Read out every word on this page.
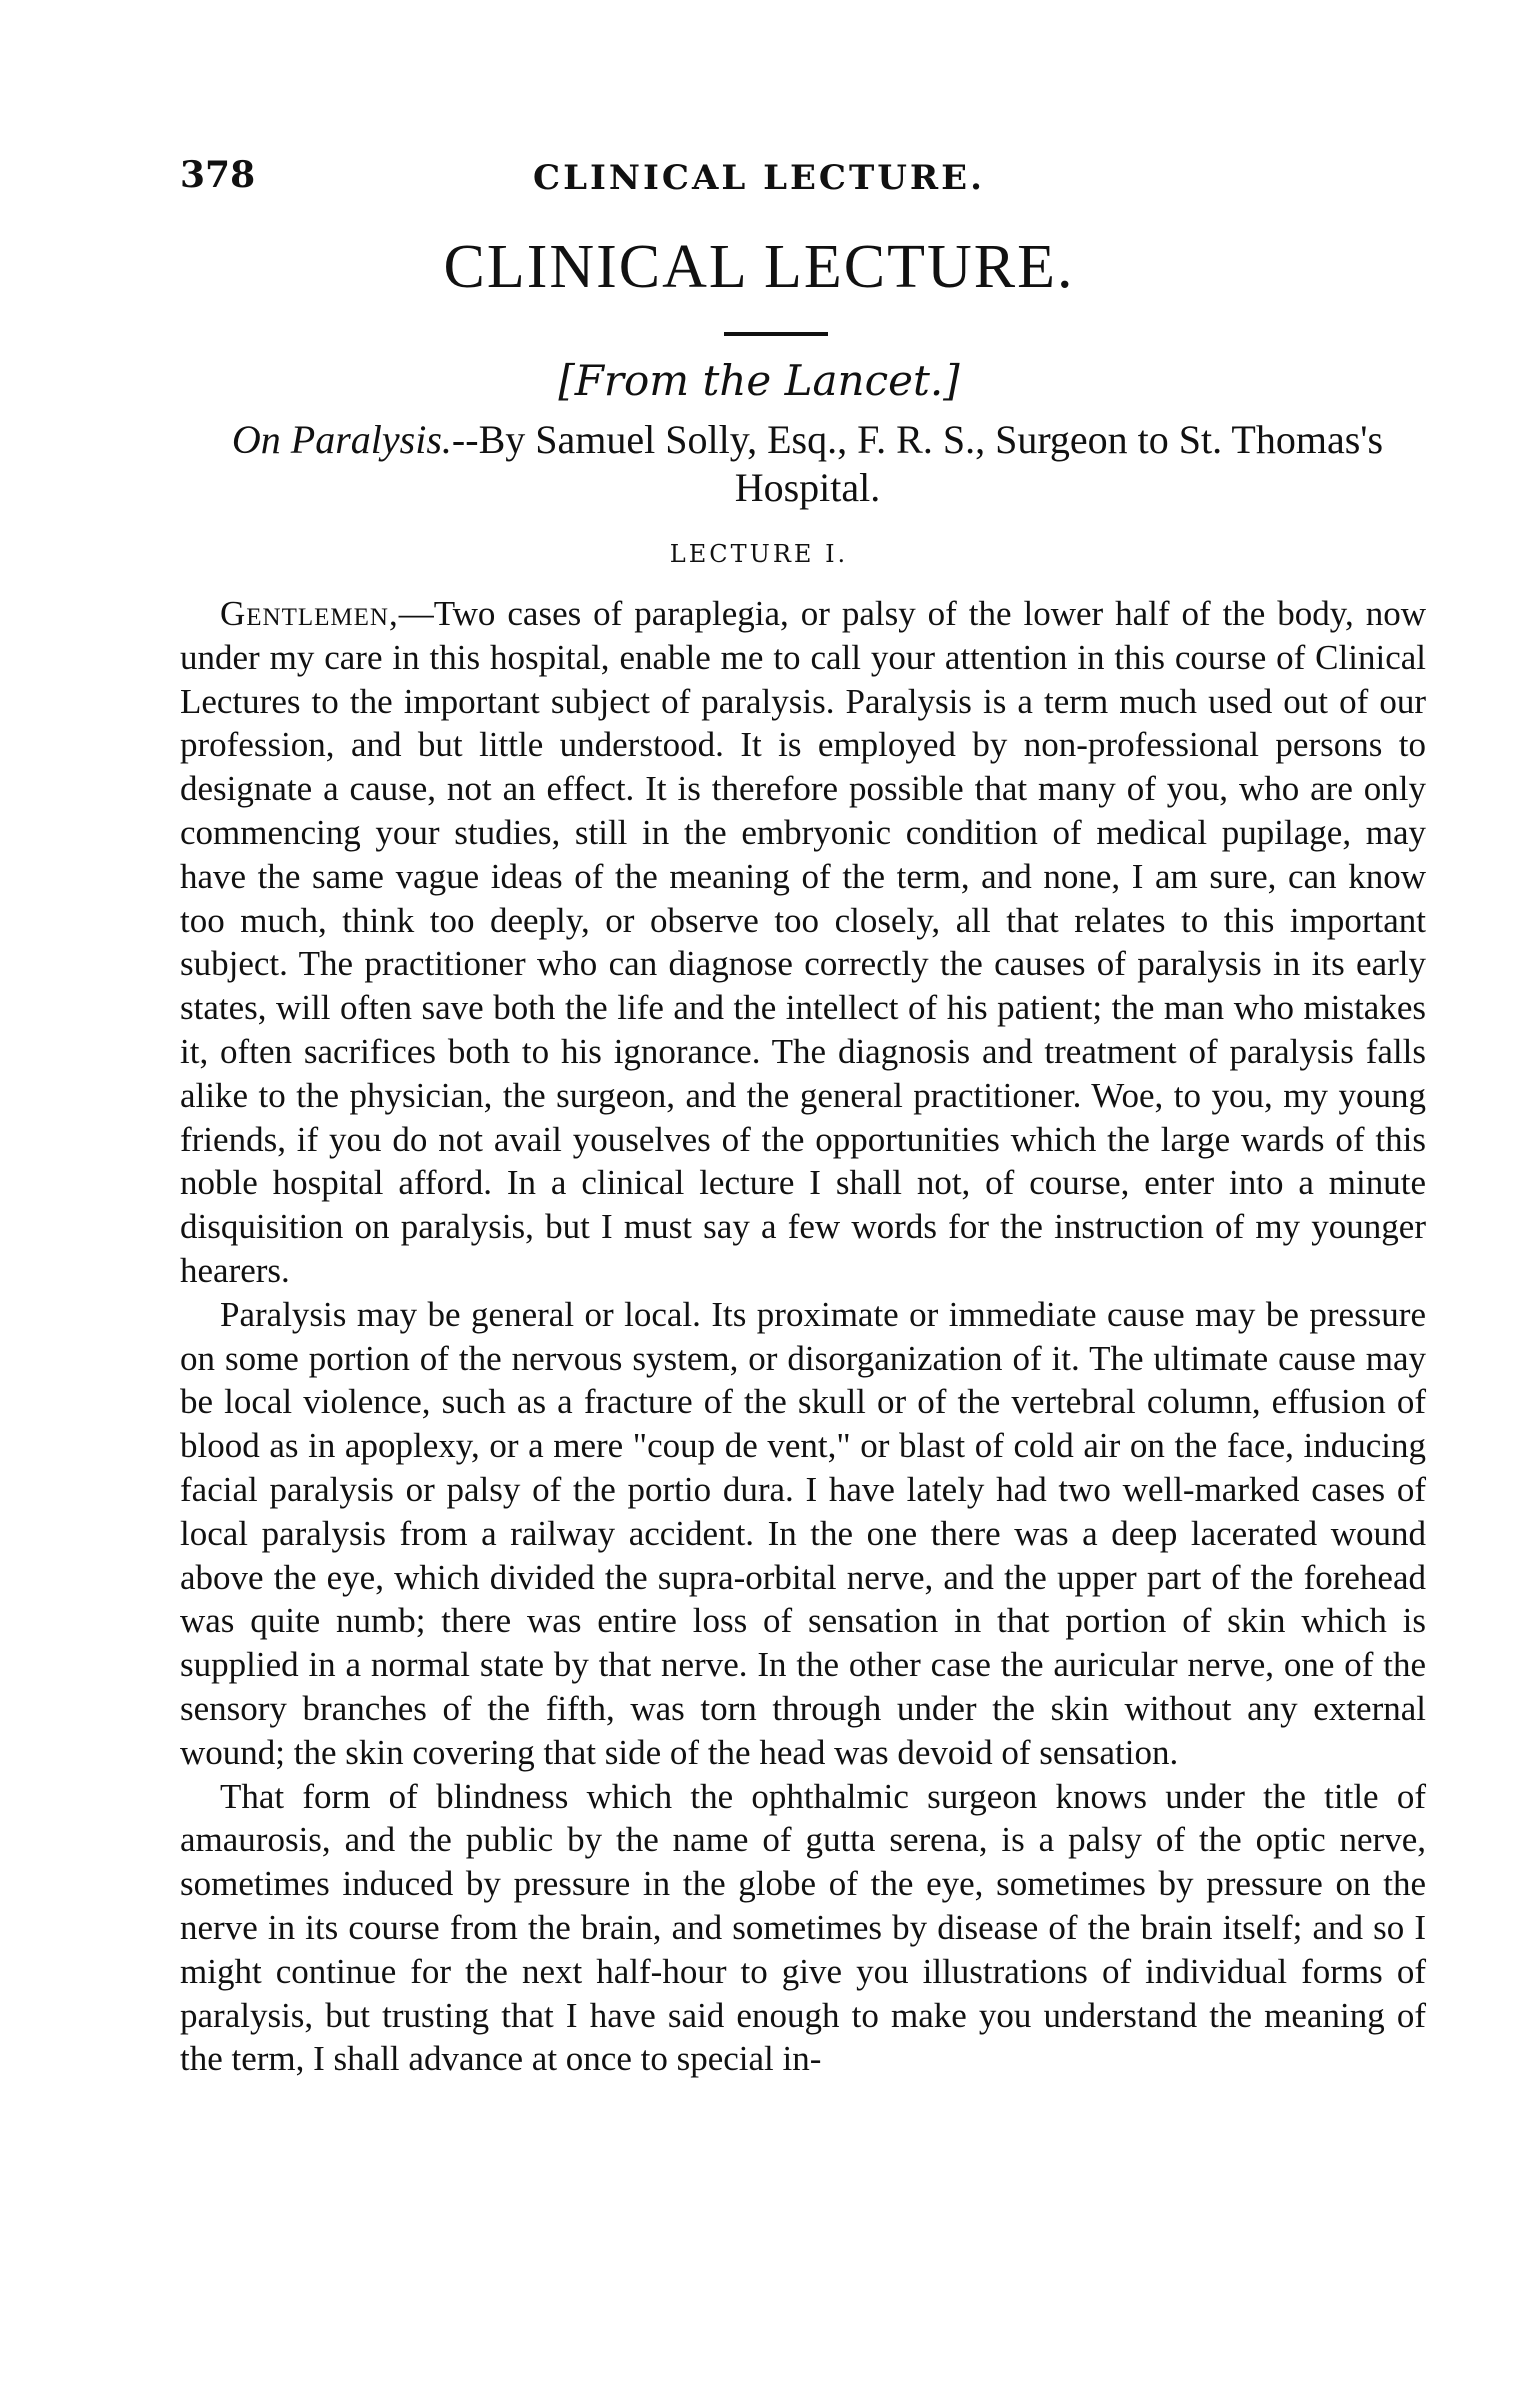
378	CLINICAL LECTURE.
CLINICAL LECTURE.
[From the Lancet.]
On Paralysis.--By Samuel Solly, Esq., F. R. S., Surgeon to St. Thomas's Hospital.
LECTURE I.

Gentlemen,—Two cases of paraplegia, or palsy of the lower half of the body, now under my care in this hospital, enable me to call your attention in this course of Clinical Lectures to the important subject of paralysis. Paralysis is a term much used out of our profession, and but little understood. It is employed by non-professional persons to designate a cause, not an effect. It is therefore possible that many of you, who are only commencing your studies, still in the embryonic condition of medical pupilage, may have the same vague ideas of the meaning of the term, and none, I am sure, can know too much, think too deeply, or observe too closely, all that relates to this important subject. The practitioner who can diagnose correctly the causes of paralysis in its early states, will often save both the life and the intellect of his patient; the man who mistakes it, often sacrifices both to his ignorance. The diagnosis and treatment of paralysis falls alike to the physician, the surgeon, and the general practitioner. Woe, to you, my young friends, if you do not avail youselves of the opportunities which the large wards of this noble hospital afford. In a clinical lecture I shall not, of course, enter into a minute disquisition on paralysis, but I must say a few words for the instruction of my younger hearers.

Paralysis may be general or local. Its proximate or immediate cause may be pressure on some portion of the nervous system, or disorganization of it. The ultimate cause may be local violence, such as a fracture of the skull or of the vertebral column, effusion of blood as in apoplexy, or a mere "coup de vent," or blast of cold air on the face, inducing facial paralysis or palsy of the portio dura. I have lately had two well-marked cases of local paralysis from a railway accident. In the one there was a deep lacerated wound above the eye, which divided the supra-orbital nerve, and the upper part of the forehead was quite numb; there was entire loss of sensation in that portion of skin which is supplied in a normal state by that nerve. In the other case the auricular nerve, one of the sensory branches of the fifth, was torn through under the skin without any external wound; the skin covering that side of the head was devoid of sensation.

That form of blindness which the ophthalmic surgeon knows under the title of amaurosis, and the public by the name of gutta serena, is a palsy of the optic nerve, sometimes induced by pressure in the globe of the eye, sometimes by pressure on the nerve in its course from the brain, and sometimes by disease of the brain itself; and so I might continue for the next half-hour to give you illustrations of individual forms of paralysis, but trusting that I have said enough to make you understand the meaning of the term, I shall advance at once to special in-
